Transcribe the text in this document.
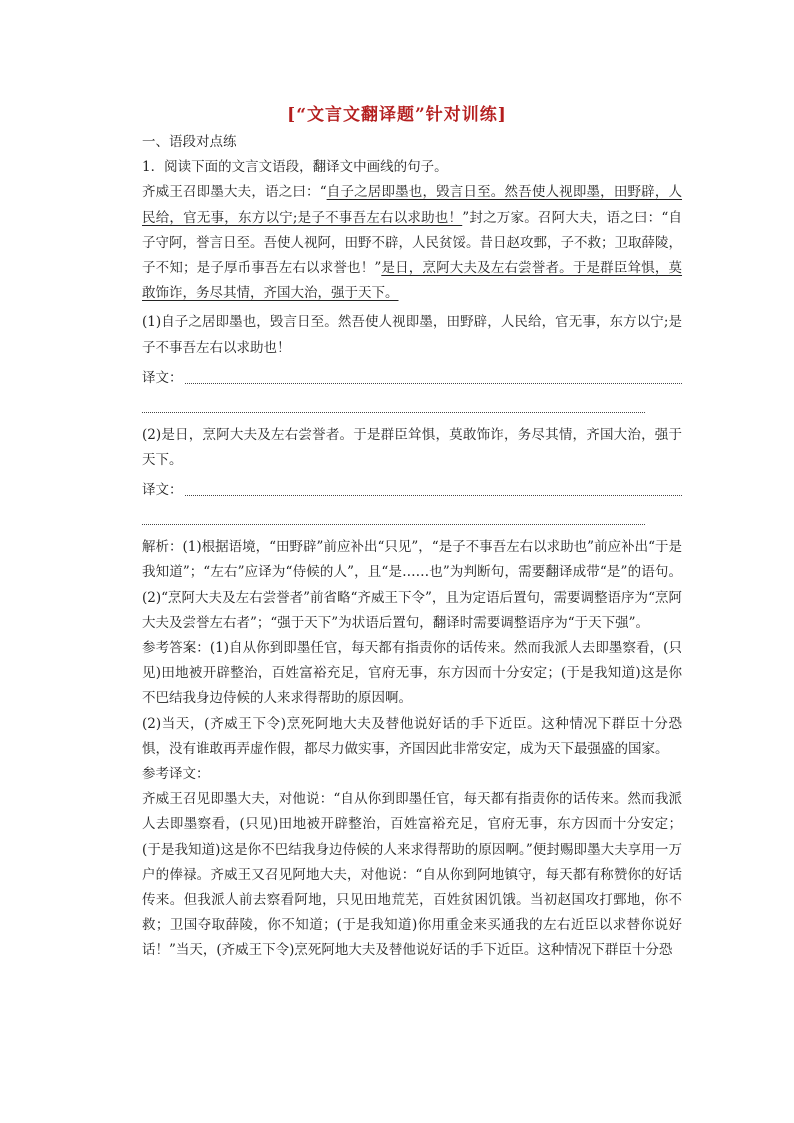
[“文言文翻译题”针对训练]

一、语段对点练

1．阅读下面的文言文语段，翻译文中画线的句子。

齐威王召即墨大夫，语之曰：“自子之居即墨也，毁言日至。然吾使人视即墨，田野辟，人民给，官无事，东方以宁;是子不事吾左右以求助也！”封之万家。召阿大夫，语之曰：“自子守阿，誉言日至。吾使人视阿，田野不辟，人民贫馁。昔日赵攻鄄，子不救；卫取薛陵，子不知；是子厚币事吾左右以求誉也！”是日，烹阿大夫及左右尝誉者。于是群臣耸惧，莫敢饰诈，务尽其情，齐国大治，强于天下。

(1)自子之居即墨也，毁言日至。然吾使人视即墨，田野辟，人民给，官无事，东方以宁;是子不事吾左右以求助也！

译文：

(2)是日，烹阿大夫及左右尝誉者。于是群臣耸惧，莫敢饰诈，务尽其情，齐国大治，强于天下。

译文：

解析：(1)根据语境，“田野辟”前应补出“只见”，“是子不事吾左右以求助也”前应补出“于是我知道”；“左右”应译为“侍候的人”，且“是……也”为判断句，需要翻译成带“是”的语句。(2)“烹阿大夫及左右尝誉者”前省略“齐威王下令”，且为定语后置句，需要调整语序为“烹阿大夫及尝誉左右者”；“强于天下”为状语后置句，翻译时需要调整语序为“于天下强”。

参考答案：(1)自从你到即墨任官，每天都有指责你的话传来。然而我派人去即墨察看，(只见)田地被开辟整治，百姓富裕充足，官府无事，东方因而十分安定；(于是我知道)这是你不巴结我身边侍候的人来求得帮助的原因啊。

(2)当天，(齐威王下令)烹死阿地大夫及替他说好话的手下近臣。这种情况下群臣十分恐惧，没有谁敢再弄虚作假，都尽力做实事，齐国因此非常安定，成为天下最强盛的国家。

参考译文：

齐威王召见即墨大夫，对他说：“自从你到即墨任官，每天都有指责你的话传来。然而我派人去即墨察看，(只见)田地被开辟整治，百姓富裕充足，官府无事，东方因而十分安定；(于是我知道)这是你不巴结我身边侍候的人来求得帮助的原因啊。”便封赐即墨大夫享用一万户的俸禄。齐威王又召见阿地大夫，对他说：“自从你到阿地镇守，每天都有称赞你的好话传来。但我派人前去察看阿地，只见田地荒芜，百姓贫困饥饿。当初赵国攻打鄄地，你不救；卫国夺取薛陵，你不知道；(于是我知道)你用重金来买通我的左右近臣以求替你说好话！”当天，(齐威王下令)烹死阿地大夫及替他说好话的手下近臣。这种情况下群臣十分恐
